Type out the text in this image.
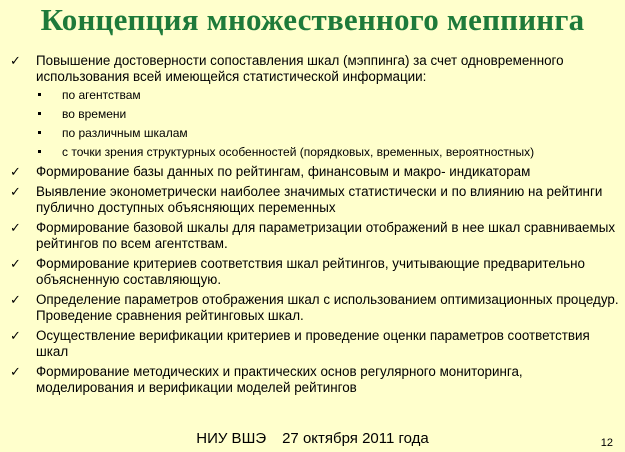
Концепция множественного меппинга
✓ Повышение достоверности сопоставления шкал (мэппинга) за счет одновременного использования всей имеющейся статистической информации:
по агентствам
во времени
по различным шкалам
с точки зрения структурных особенностей (порядковых, временных, вероятностных)
✓ Формирование базы данных по рейтингам, финансовым и макро- индикаторам
✓ Выявление эконометрически наиболее значимых статистически и по влиянию на рейтинги публично доступных объясняющих переменных
✓ Формирование базовой шкалы для параметризации отображений в нее шкал сравниваемых рейтингов по всем агентствам.
✓ Формирование критериев соответствия шкал рейтингов, учитывающие предварительно объясненную составляющую.
✓ Определение параметров отображения шкал с использованием оптимизационных процедур. Проведение сравнения рейтинговых шкал.
✓ Осуществление верификации критериев и проведение оценки параметров соответствия шкал
✓ Формирование методических и практических основ регулярного мониторинга, моделирования и верификации моделей рейтингов
НИУ ВШЭ 27 октября 2011 года	12
